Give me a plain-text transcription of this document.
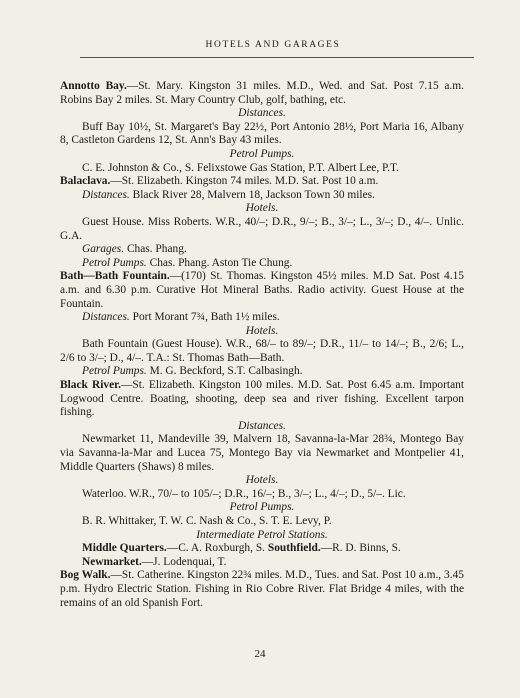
HOTELS AND GARAGES

Annotto Bay.—St. Mary. Kingston 31 miles. M.D., Wed. and Sat. Post 7.15 a.m. Robins Bay 2 miles. St. Mary Country Club, golf, bathing, etc.

Distances.

Buff Bay 10½, St. Margaret's Bay 22½, Port Antonio 28½, Port Maria 16, Albany 8, Castleton Gardens 12, St. Ann's Bay 43 miles.

Petrol Pumps.

C. E. Johnston & Co., S. Felixstowe Gas Station, P.T. Albert Lee, P.T.

Balaclava.—St. Elizabeth. Kingston 74 miles. M.D. Sat. Post 10 a.m.

Distances. Black River 28, Malvern 18, Jackson Town 30 miles.

Hotels.

Guest House. Miss Roberts. W.R., 40/–; D.R., 9/–; B., 3/–; L., 3/–; D., 4/–. Unlic. G.A.

Garages. Chas. Phang.

Petrol Pumps. Chas. Phang. Aston Tie Chung.

Bath—Bath Fountain.—(170) St. Thomas. Kingston 45½ miles. M.D Sat. Post 4.15 a.m. and 6.30 p.m. Curative Hot Mineral Baths. Radio activity. Guest House at the Fountain.

Distances. Port Morant 7¾, Bath 1½ miles.

Hotels.

Bath Fountain (Guest House). W.R., 68/– to 89/–; D.R., 11/– to 14/–; B., 2/6; L., 2/6 to 3/–; D., 4/–. T.A.: St. Thomas Bath—Bath.

Petrol Pumps. M. G. Beckford, S.T. Calbasingh.

Black River.—St. Elizabeth. Kingston 100 miles. M.D. Sat. Post 6.45 a.m. Important Logwood Centre. Boating, shooting, deep sea and river fishing. Excellent tarpon fishing.

Distances.

Newmarket 11, Mandeville 39, Malvern 18, Savanna-la-Mar 28¾, Montego Bay via Savanna-la-Mar and Lucea 75, Montego Bay via Newmarket and Montpelier 41, Middle Quarters (Shaws) 8 miles.

Hotels.

Waterloo. W.R., 70/– to 105/–; D.R., 16/–; B., 3/–; L., 4/–; D., 5/–. Lic.

Petrol Pumps.

B. R. Whittaker, T. W. C. Nash & Co., S. T. E. Levy, P.

Intermediate Petrol Stations.

Middle Quarters.—C. A. Roxburgh, S. Southfield.—R. D. Binns, S.

Newmarket.—J. Lodenquai, T.

Bog Walk.—St. Catherine. Kingston 22¾ miles. M.D., Tues. and Sat. Post 10 a.m., 3.45 p.m. Hydro Electric Station. Fishing in Rio Cobre River. Flat Bridge 4 miles, with the remains of an old Spanish Fort.

24
